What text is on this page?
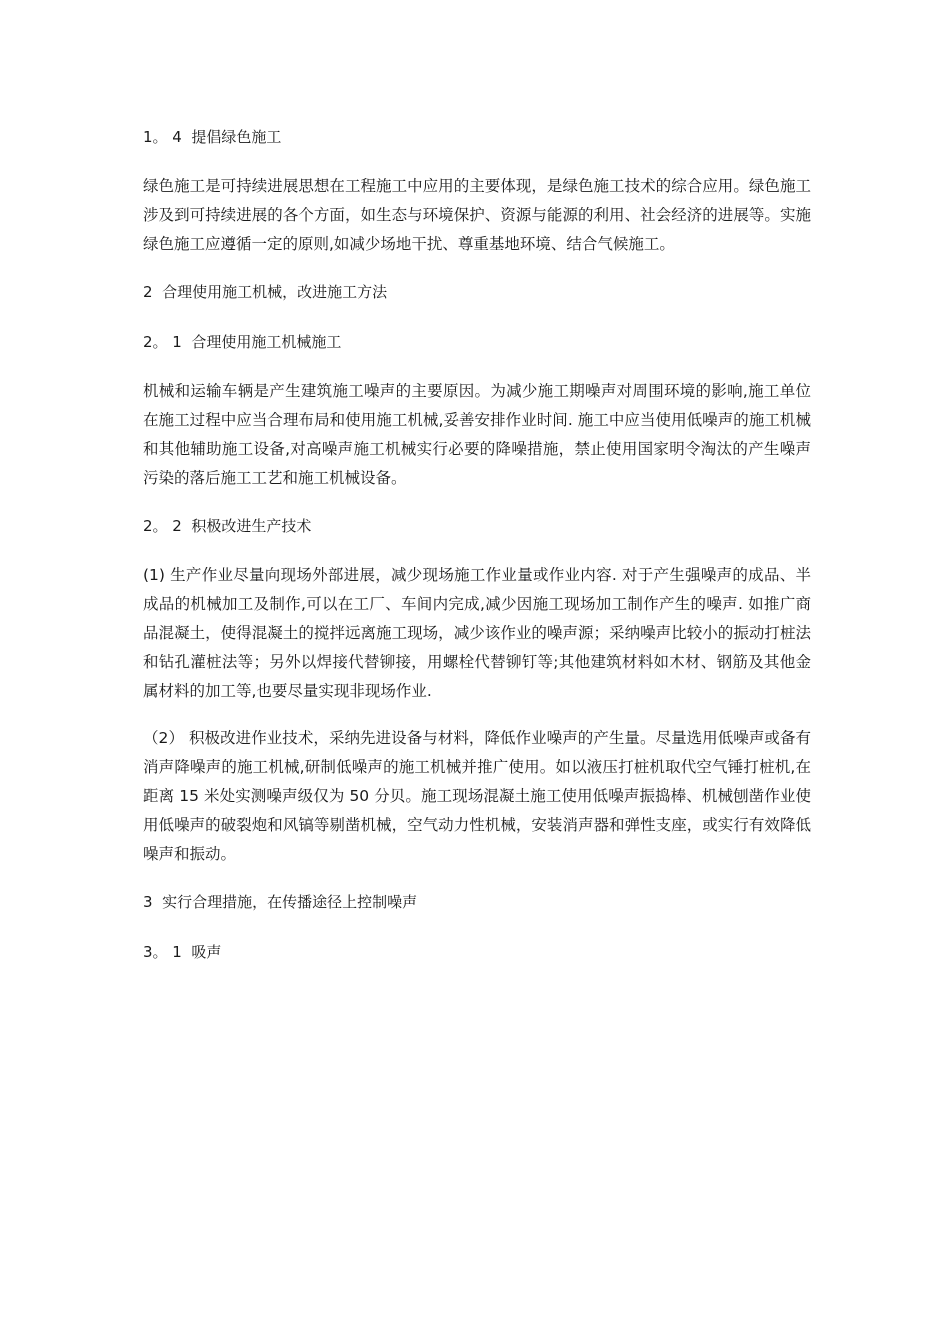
1。 4  提倡绿色施工

绿色施工是可持续进展思想在工程施工中应用的主要体现，是绿色施工技术的综合应用。绿色施工涉及到可持续进展的各个方面，如生态与环境保护、资源与能源的利用、社会经济的进展等。实施绿色施工应遵循一定的原则,如减少场地干扰、尊重基地环境、结合气候施工。

2  合理使用施工机械，改进施工方法
2。 1  合理使用施工机械施工

机械和运输车辆是产生建筑施工噪声的主要原因。为减少施工期噪声对周围环境的影响,施工单位在施工过程中应当合理布局和使用施工机械,妥善安排作业时间. 施工中应当使用低噪声的施工机械和其他辅助施工设备,对高噪声施工机械实行必要的降噪措施，禁止使用国家明令淘汰的产生噪声污染的落后施工工艺和施工机械设备。

2。 2  积极改进生产技术

(1) 生产作业尽量向现场外部进展，减少现场施工作业量或作业内容. 对于产生强噪声的成品、半成品的机械加工及制作,可以在工厂、车间内完成,减少因施工现场加工制作产生的噪声. 如推广商品混凝土，使得混凝土的搅拌远离施工现场，减少该作业的噪声源；采纳噪声比较小的振动打桩法和钻孔灌桩法等；另外以焊接代替铆接，用螺栓代替铆钉等;其他建筑材料如木材、钢筋及其他金属材料的加工等,也要尽量实现非现场作业.

（2） 积极改进作业技术，采纳先进设备与材料，降低作业噪声的产生量。尽量选用低噪声或备有消声降噪声的施工机械,研制低噪声的施工机械并推广使用。如以液压打桩机取代空气锤打桩机,在距离 15 米处实测噪声级仅为 50 分贝。施工现场混凝土施工使用低噪声振捣棒、机械刨凿作业使用低噪声的破裂炮和风镐等剔凿机械，空气动力性机械，安装消声器和弹性支座，或实行有效降低噪声和振动。

3  实行合理措施，在传播途径上控制噪声
3。 1  吸声
